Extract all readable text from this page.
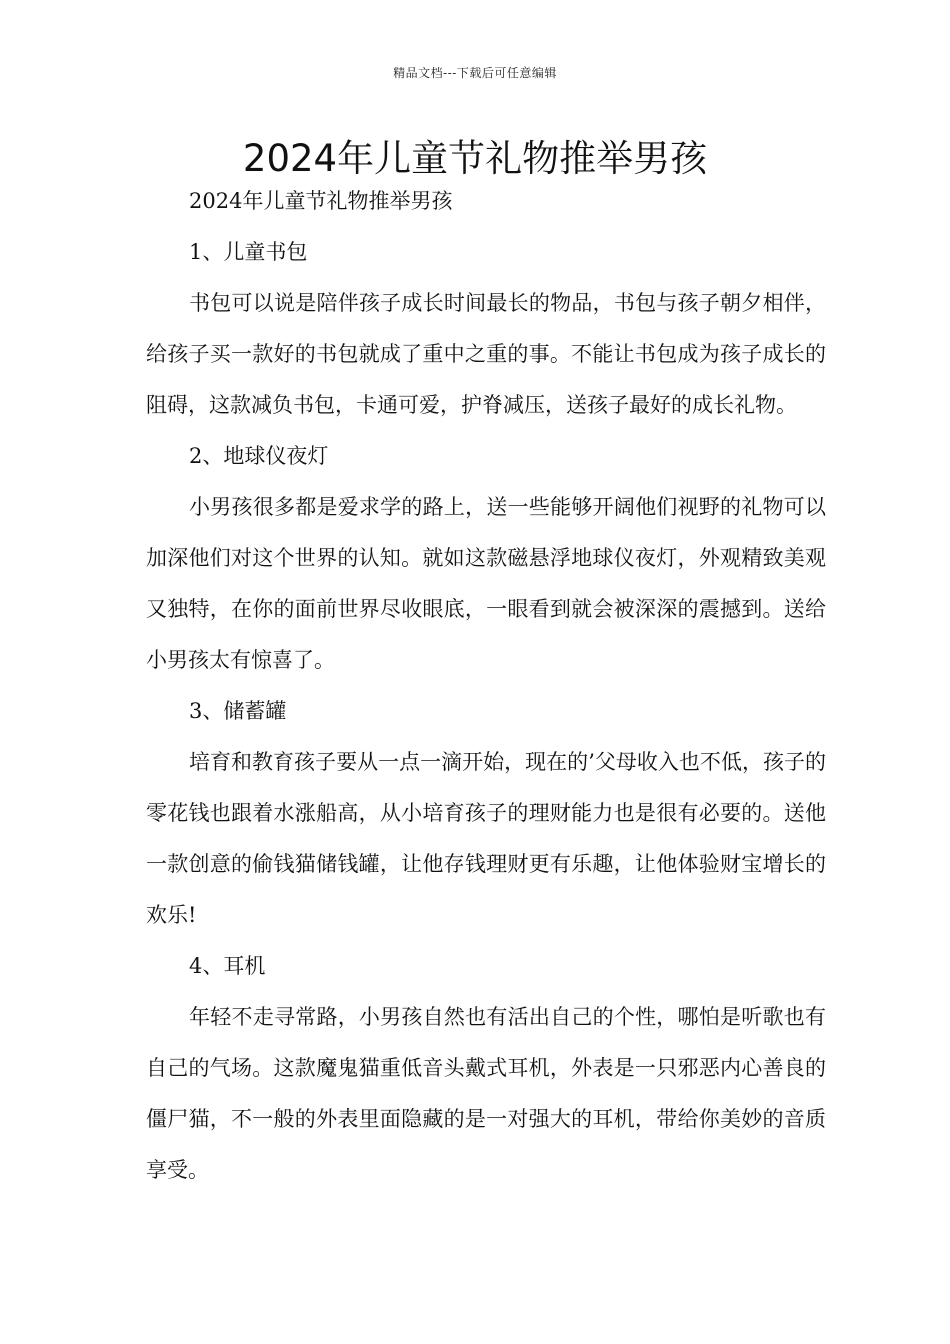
精品文档---下载后可任意编辑
2024年儿童节礼物推举男孩
2024年儿童节礼物推举男孩
1、儿童书包

书包可以说是陪伴孩子成长时间最长的物品，书包与孩子朝夕相伴，给孩子买一款好的书包就成了重中之重的事。不能让书包成为孩子成长的阻碍，这款减负书包，卡通可爱，护脊减压，送孩子最好的成长礼物。

2、地球仪夜灯

小男孩很多都是爱求学的路上，送一些能够开阔他们视野的礼物可以加深他们对这个世界的认知。就如这款磁悬浮地球仪夜灯，外观精致美观又独特，在你的面前世界尽收眼底，一眼看到就会被深深的震撼到。送给小男孩太有惊喜了。

3、储蓄罐

培育和教育孩子要从一点一滴开始，现在的’父母收入也不低，孩子的零花钱也跟着水涨船高，从小培育孩子的理财能力也是很有必要的。送他一款创意的偷钱猫储钱罐，让他存钱理财更有乐趣，让他体验财宝增长的欢乐!

4、耳机

年轻不走寻常路，小男孩自然也有活出自己的个性，哪怕是听歌也有自己的气场。这款魔鬼猫重低音头戴式耳机，外表是一只邪恶内心善良的僵尸猫，不一般的外表里面隐藏的是一对强大的耳机，带给你美妙的音质享受。
